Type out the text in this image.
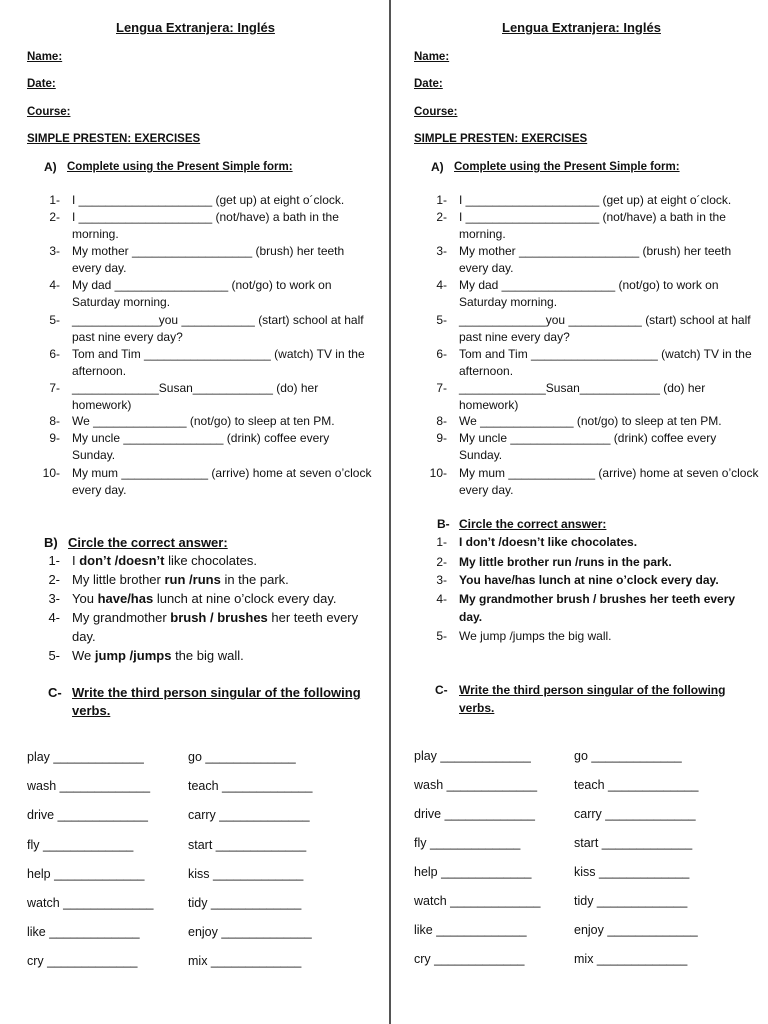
Lengua Extranjera: Inglés
Name:
Date:
Course:
SIMPLE PRESTEN: EXERCISES
A) Complete using the Present Simple form:
1- I ____________________ (get up) at eight o´clock.
2- I ____________________ (not/have) a bath in the
morning.
3- My mother __________________ (brush) her teeth
every day.
4- My dad _________________ (not/go) to work on
Saturday morning.
5- _____________you ___________ (start) school at half
past nine every day?
6- Tom and Tim ___________________ (watch) TV in the
afternoon.
7- _____________Susan____________ (do) her
homework)
8- We ______________ (not/go) to sleep at ten PM.
9- My uncle _______________ (drink) coffee every
Sunday.
10- My mum _____________ (arrive) home at seven o’clock
every day.
B) Circle the correct answer:
1- I don’t /doesn’t like chocolates.
2- My little brother run /runs in the park.
3- You have/has lunch at nine o’clock every day.
4- My grandmother brush / brushes her teeth every
day.
5- We jump /jumps the big wall.
C- Write the third person singular of the following
verbs.
play _____________
wash _____________
drive _____________
fly _____________
help _____________
watch _____________
like _____________
cry _____________
go _____________
teach _____________
carry _____________
start _____________
kiss _____________
tidy _____________
enjoy _____________
mix _____________
Lengua Extranjera: Inglés
Name:
Date:
Course:
SIMPLE PRESTEN: EXERCISES
A) Complete using the Present Simple form:
1- I ____________________ (get up) at eight o´clock.
2- I ____________________ (not/have) a bath in the
morning.
3- My mother __________________ (brush) her teeth
every day.
4- My dad _________________ (not/go) to work on
Saturday morning.
5- _____________you ___________ (start) school at half
past nine every day?
6- Tom and Tim ___________________ (watch) TV in the
afternoon.
7- _____________Susan____________ (do) her
homework)
8- We ______________ (not/go) to sleep at ten PM.
9- My uncle _______________ (drink) coffee every
Sunday.
10- My mum _____________ (arrive) home at seven o’clock
every day.
B- Circle the correct answer:
1- I don’t /doesn’t like chocolates.
2- My little brother run /runs in the park.
3- You have/has lunch at nine o’clock every day.
4- My grandmother brush / brushes her teeth every
day.
5- We jump /jumps the big wall.
C- Write the third person singular of the following
verbs.
play _____________
wash _____________
drive _____________
fly _____________
help _____________
watch _____________
like _____________
cry _____________
go _____________
teach _____________
carry _____________
start _____________
kiss _____________
tidy _____________
enjoy _____________
mix _____________
